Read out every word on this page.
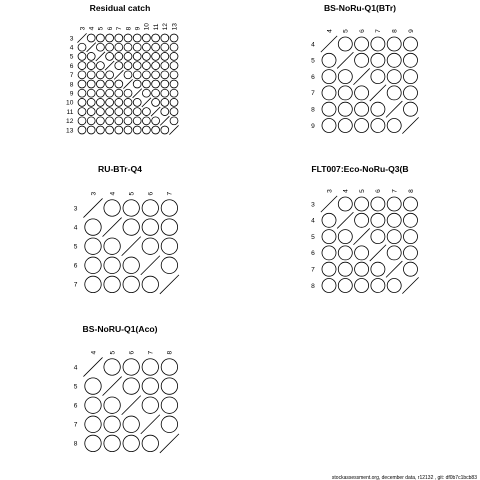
Residual catch
3 4 5 6 7 8 9 10 11 12 13
3
4
5
6
7
8
9
10
11
12
13
BS-NoRu-Q1(BTr)
4 5 6 7 8 9
4
5
6
7
8
9
RU-BTr-Q4
3 4 5 6 7
3
4
5
6
7
FLT007:Eco-NoRu-Q3(B
3 4 5 6 7 8
3
4
5
6
7
8
BS-NoRU-Q1(Aco)
4 5 6 7 8
4
5
6
7
8
stockassessment.org, december data, r12132 , git: df0b7c1bcb83
